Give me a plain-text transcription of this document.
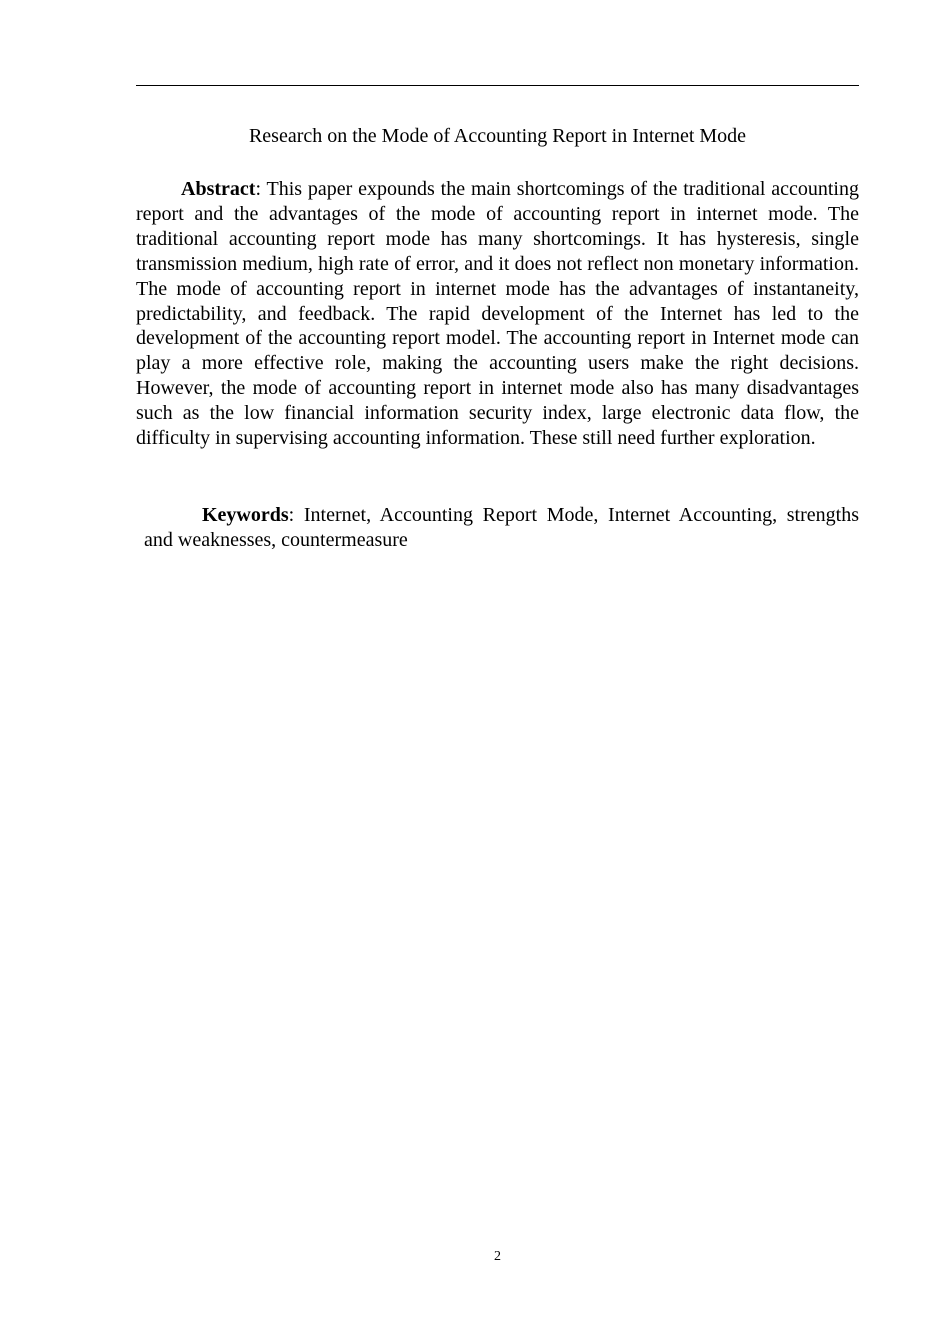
Research on the Mode of Accounting Report in Internet Mode

Abstract: This paper expounds the main shortcomings of the traditional accounting report and the advantages of the mode of accounting report in internet mode. The traditional accounting report mode has many shortcomings. It has hysteresis, single transmission medium, high rate of error, and it does not reflect non monetary information. The mode of accounting report in internet mode has the advantages of instantaneity, predictability, and feedback. The rapid development of the Internet has led to the development of the accounting report model. The accounting report in Internet mode can play a more effective role, making the accounting users make the right decisions. However, the mode of accounting report in internet mode also has many disadvantages such as the low financial information security index, large electronic data flow, the difficulty in supervising accounting information. These still need further exploration.

Keywords: Internet, Accounting Report Mode, Internet Accounting, strengths and weaknesses, countermeasure

2
